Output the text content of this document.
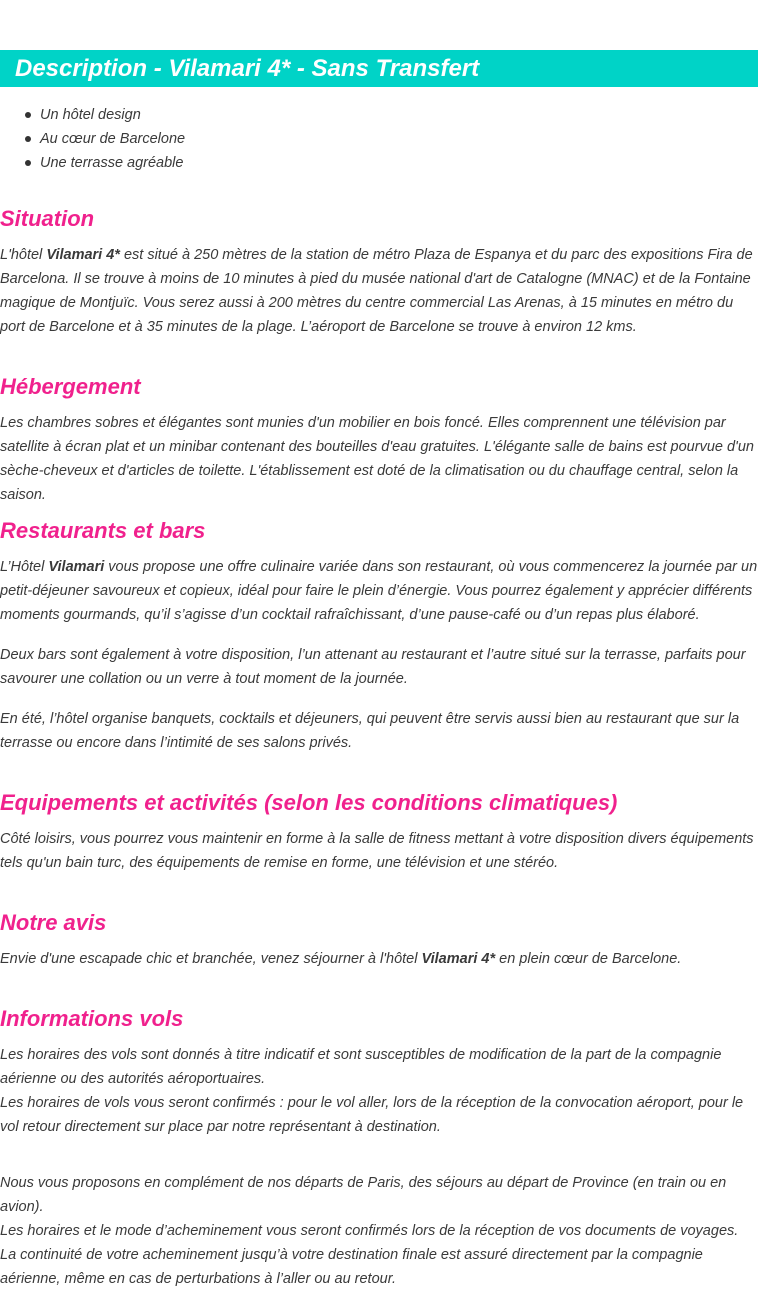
Description - Vilamari 4* - Sans Transfert
Un hôtel design
Au cœur de Barcelone
Une terrasse agréable
Situation

L'hôtel Vilamari 4* est situé à 250 mètres de la station de métro Plaza de Espanya et du parc des expositions Fira de Barcelona. Il se trouve à moins de 10 minutes à pied du musée national d'art de Catalogne (MNAC) et de la Fontaine magique de Montjuïc. Vous serez aussi à 200 mètres du centre commercial Las Arenas, à 15 minutes en métro du port de Barcelone et à 35 minutes de la plage. L’aéroport de Barcelone se trouve à environ 12 kms.

Hébergement

Les chambres sobres et élégantes sont munies d'un mobilier en bois foncé. Elles comprennent une télévision par satellite à écran plat et un minibar contenant des bouteilles d'eau gratuites. L'élégante salle de bains est pourvue d'un sèche-cheveux et d'articles de toilette. L'établissement est doté de la climatisation ou du chauffage central, selon la saison.

Restaurants et bars

L’Hôtel Vilamari vous propose une offre culinaire variée dans son restaurant, où vous commencerez la journée par un petit-déjeuner savoureux et copieux, idéal pour faire le plein d’énergie. Vous pourrez également y apprécier différents moments gourmands, qu’il s’agisse d’un cocktail rafraîchissant, d’une pause-café ou d’un repas plus élaboré.

Deux bars sont également à votre disposition, l’un attenant au restaurant et l’autre situé sur la terrasse, parfaits pour savourer une collation ou un verre à tout moment de la journée.

En été, l’hôtel organise banquets, cocktails et déjeuners, qui peuvent être servis aussi bien au restaurant que sur la terrasse ou encore dans l’intimité de ses salons privés.

Equipements et activités (selon les conditions climatiques)

Côté loisirs, vous pourrez vous maintenir en forme à la salle de fitness mettant à votre disposition divers équipements tels qu'un bain turc, des équipements de remise en forme, une télévision et une stéréo.

Notre avis

Envie d'une escapade chic et branchée, venez séjourner à l'hôtel Vilamari 4* en plein cœur de Barcelone.

Informations vols

Les horaires des vols sont donnés à titre indicatif et sont susceptibles de modification de la part de la compagnie aérienne ou des autorités aéroportuaires.
Les horaires de vols vous seront confirmés : pour le vol aller, lors de la réception de la convocation aéroport, pour le vol retour directement sur place par notre représentant à destination.

Nous vous proposons en complément de nos départs de Paris, des séjours au départ de Province (en train ou en avion).
Les horaires et le mode d’acheminement vous seront confirmés lors de la réception de vos documents de voyages.
La continuité de votre acheminement jusqu’à votre destination finale est assuré directement par la compagnie aérienne, même en cas de perturbations à l’aller ou au retour.
